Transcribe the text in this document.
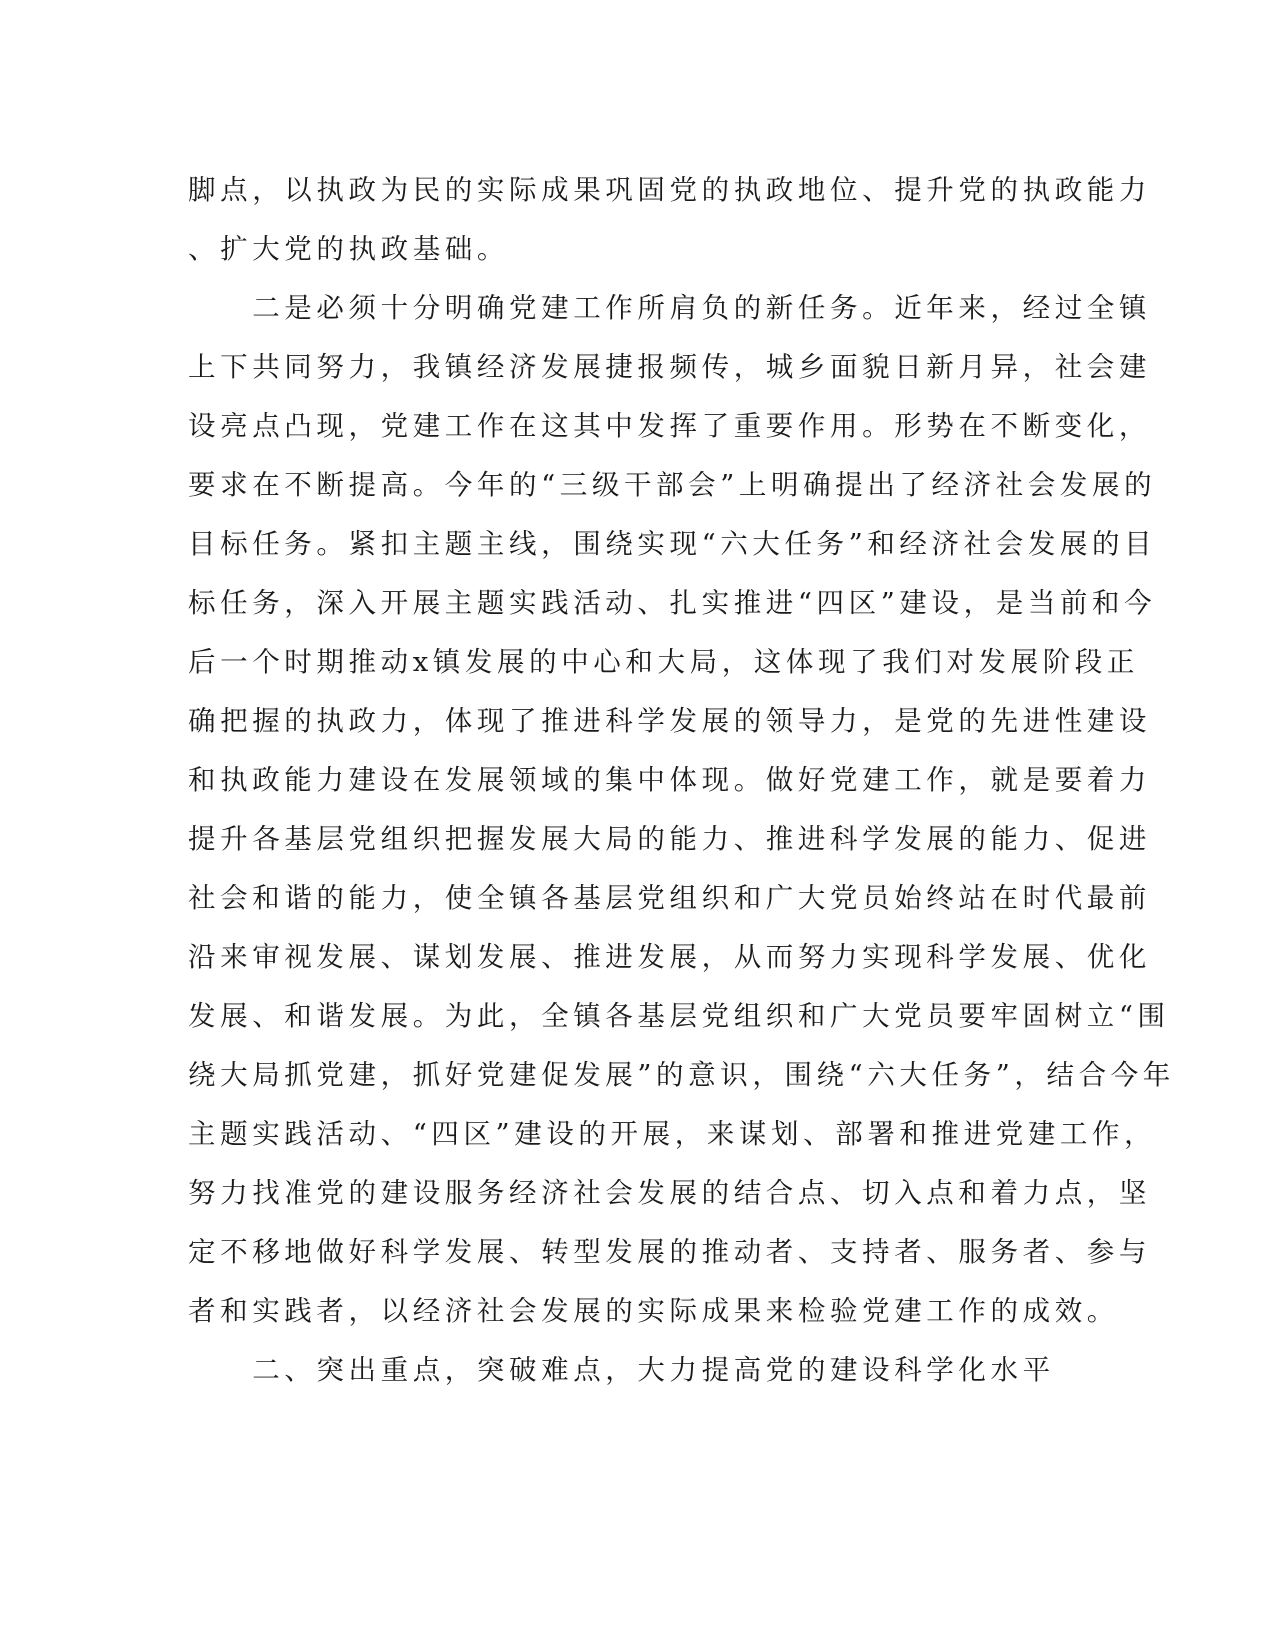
脚点，以执政为民的实际成果巩固党的执政地位、提升党的执政能力
、扩大党的执政基础。
　　二是必须十分明确党建工作所肩负的新任务。近年来，经过全镇
上下共同努力，我镇经济发展捷报频传，城乡面貌日新月异，社会建
设亮点凸现，党建工作在这其中发挥了重要作用。形势在不断变化，
要求在不断提高。今年的“三级干部会”上明确提出了经济社会发展的
目标任务。紧扣主题主线，围绕实现“六大任务”和经济社会发展的目
标任务，深入开展主题实践活动、扎实推进“四区”建设，是当前和今
后一个时期推动x镇发展的中心和大局，这体现了我们对发展阶段正
确把握的执政力，体现了推进科学发展的领导力，是党的先进性建设
和执政能力建设在发展领域的集中体现。做好党建工作，就是要着力
提升各基层党组织把握发展大局的能力、推进科学发展的能力、促进
社会和谐的能力，使全镇各基层党组织和广大党员始终站在时代最前
沿来审视发展、谋划发展、推进发展，从而努力实现科学发展、优化
发展、和谐发展。为此，全镇各基层党组织和广大党员要牢固树立“围
绕大局抓党建，抓好党建促发展”的意识，围绕“六大任务”，结合今年
主题实践活动、“四区”建设的开展，来谋划、部署和推进党建工作，
努力找准党的建设服务经济社会发展的结合点、切入点和着力点，坚
定不移地做好科学发展、转型发展的推动者、支持者、服务者、参与
者和实践者，以经济社会发展的实际成果来检验党建工作的成效。
　　二、突出重点，突破难点，大力提高党的建设科学化水平
